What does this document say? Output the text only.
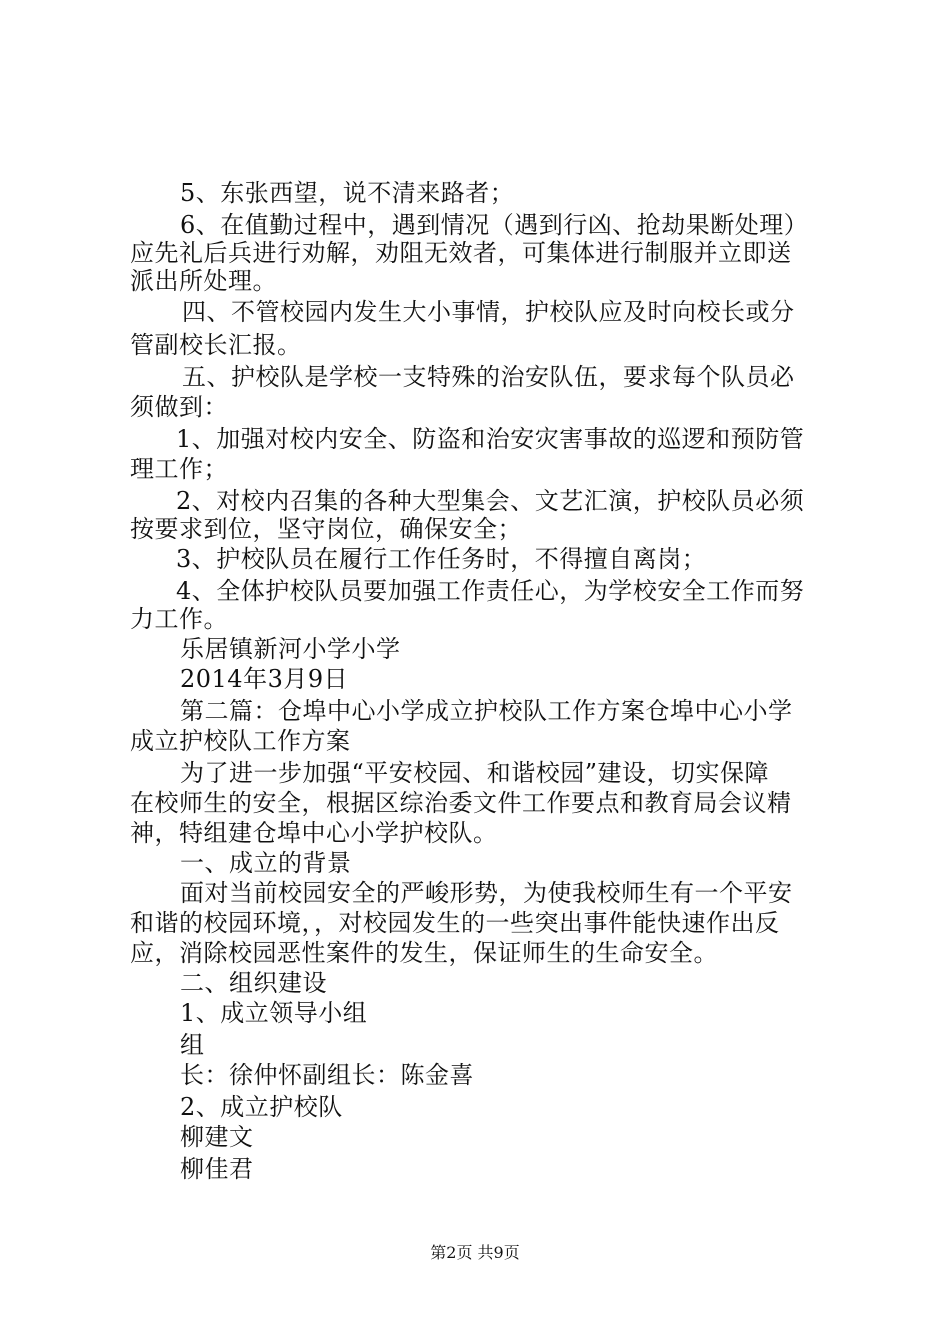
5、东张西望，说不清来路者；
6、在值勤过程中，遇到情况（遇到行凶、抢劫果断处理）
应先礼后兵进行劝解，劝阻无效者，可集体进行制服并立即送
派出所处理。
四、不管校园内发生大小事情，护校队应及时向校长或分
管副校长汇报。
五、护校队是学校一支特殊的治安队伍，要求每个队员必
须做到：
1、加强对校内安全、防盗和治安灾害事故的巡逻和预防管
理工作；
2、对校内召集的各种大型集会、文艺汇演，护校队员必须
按要求到位，坚守岗位，确保安全；
3、护校队员在履行工作任务时，不得擅自离岗；
4、全体护校队员要加强工作责任心，为学校安全工作而努
力工作。
乐居镇新河小学小学
2014年3月9日
第二篇：仓埠中心小学成立护校队工作方案仓埠中心小学
成立护校队工作方案
为了进一步加强“平安校园、和谐校园”建设，切实保障
在校师生的安全，根据区综治委文件工作要点和教育局会议精
神，特组建仓埠中心小学护校队。
一、成立的背景
面对当前校园安全的严峻形势，为使我校师生有一个平安
和谐的校园环境，，对校园发生的一些突出事件能快速作出反
应，消除校园恶性案件的发生，保证师生的生命安全。
二、组织建设
1、成立领导小组
组
长：徐仲怀副组长：陈金喜
2、成立护校队
柳建文
柳佳君
第2页 共9页
